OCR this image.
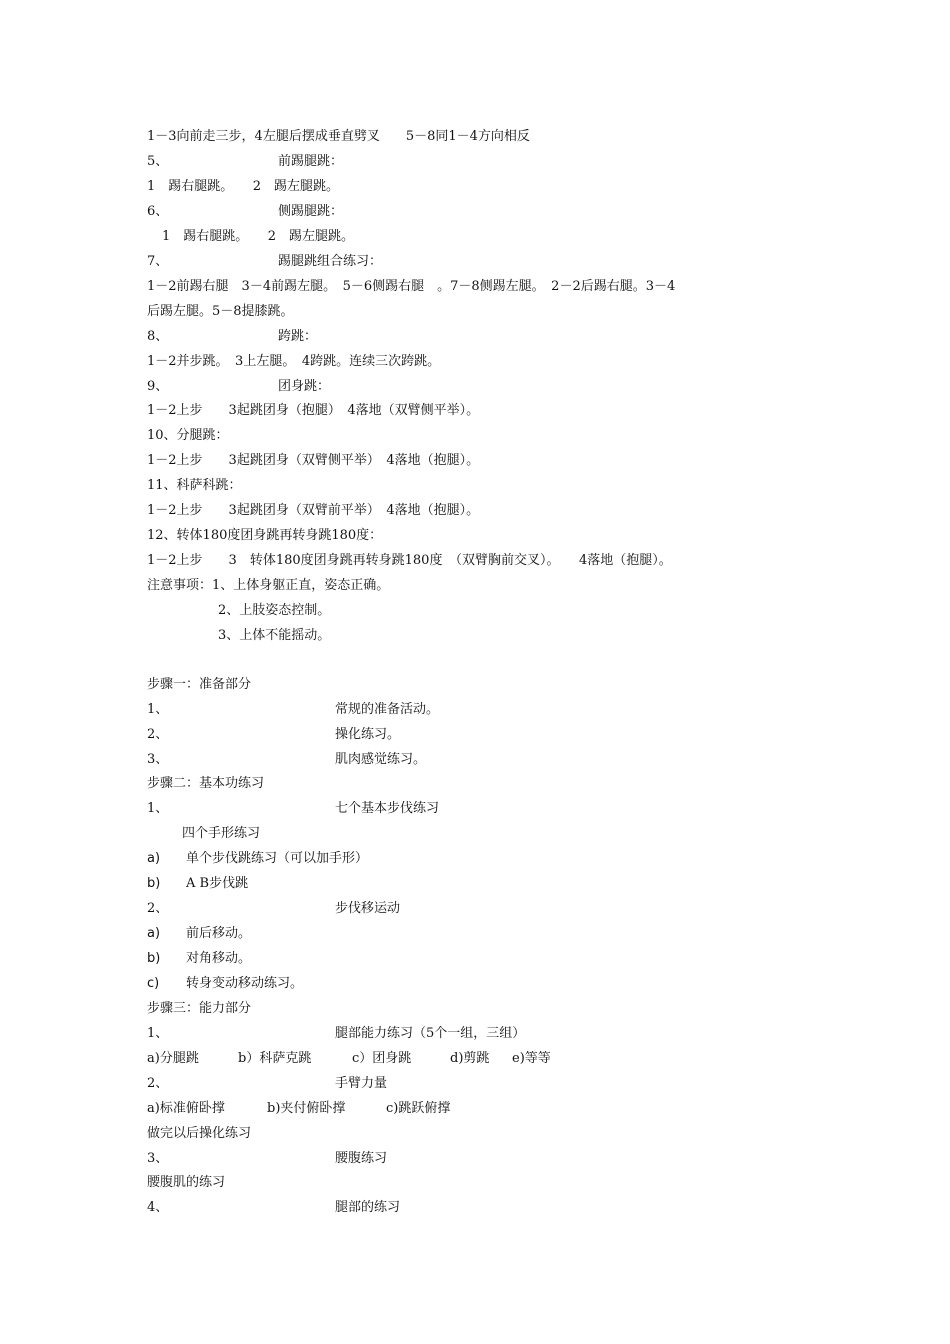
1－3向前走三步，4左腿后摆成垂直劈叉　　5－8同1－4方向相反

5、

	前踢腿跳：

1　踢右腿跳。　　2　踢左腿跳。

6、

	侧踢腿跳：

1　踢右腿跳。　　2　踢左腿跳。

7、

	踢腿跳组合练习：

1－2前踢右腿　3－4前踢左腿。　5－6侧踢右腿　。7－8侧踢左腿。　2－2后踢右腿。3－4

后踢左腿。5－8提膝跳。

8、

	跨跳：

1－2并步跳。　3上左腿。　4跨跳。连续三次跨跳。

9、

	团身跳：

1－2上步　　3起跳团身（抱腿）　4落地（双臂侧平举）。

10、分腿跳：

1－2上步　　3起跳团身（双臂侧平举）　4落地（抱腿）。

11、科萨科跳：

1－2上步　　3起跳团身（双臂前平举）　4落地（抱腿）。

12、转体180度团身跳再转身跳180度：

1－2上步　　3　转体180度团身跳再转身跳180度　（双臂胸前交叉）。　　4落地（抱腿）。

注意事项：1、上体身躯正直，姿态正确。

2、上肢姿态控制。

3、上体不能摇动。

步骤一：准备部分

1、

	常规的准备活动。

2、

	操化练习。

3、

	肌肉感觉练习。

步骤二：基本功练习

1、

	七个基本步伐练习

四个手形练习

a)

单个步伐跳练习（可以加手形）

b)

A B步伐跳

2、

	步伐移运动

a)

前后移动。

b)

对角移动。

c)

转身变动移动练习。

步骤三：能力部分

1、

	腿部能力练习（5个一组，三组）

a)分腿跳

	b）科萨克跳

	c）团身跳

	d)剪跳

e)等等

2、

	手臂力量

a)标准俯卧撑

	b)夹付俯卧撑

	c)跳跃俯撑

做完以后操化练习

3、

	腰腹练习

腰腹肌的练习

4、

	腿部的练习
